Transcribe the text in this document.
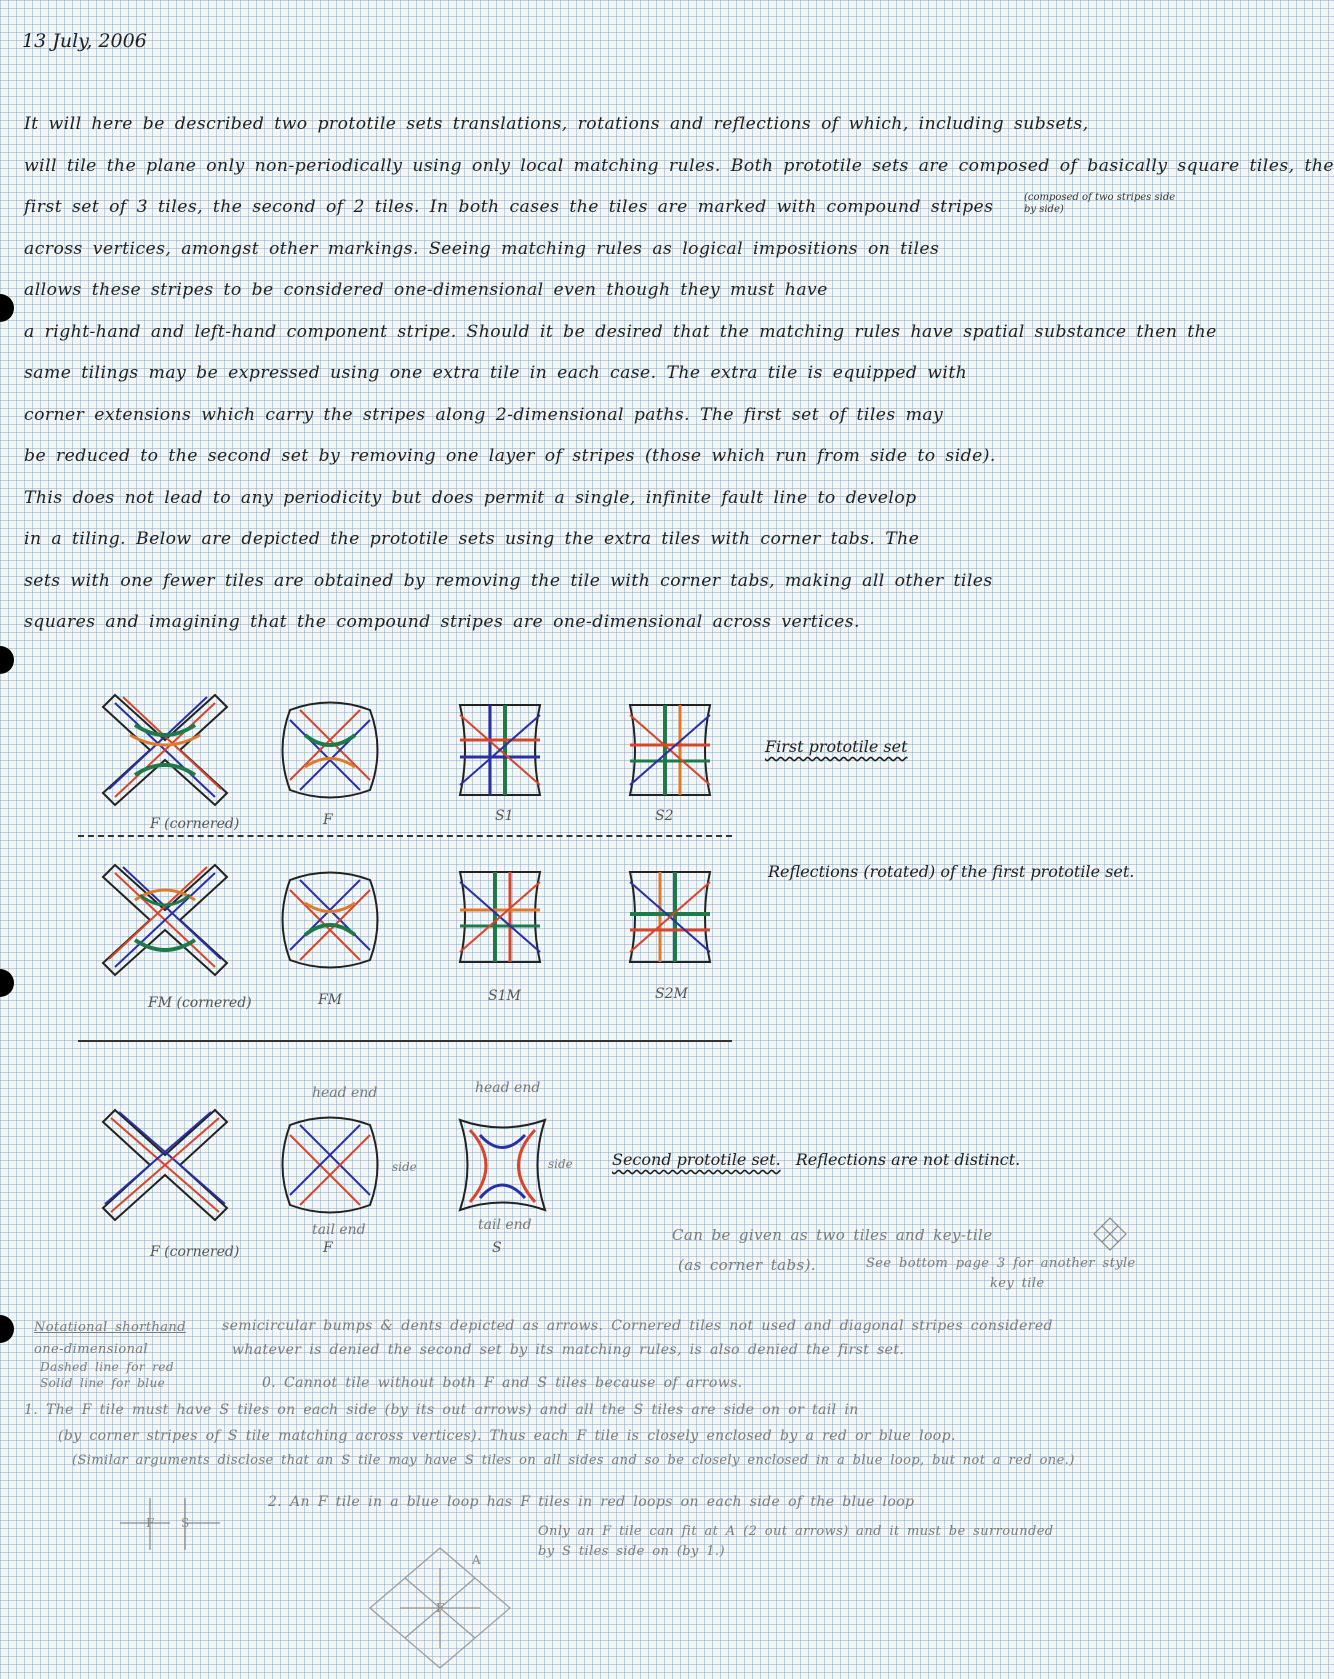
13 July, 2006
It will here be described two prototile sets translations, rotations and reflections of which, including subsets,
will tile the plane only non-periodically using only local matching rules. Both prototile sets are composed of basically square tiles, the
first set of 3 tiles, the second of 2 tiles. In both cases the tiles are marked with compound stripes
across vertices, amongst other markings. Seeing matching rules as logical impositions on tiles
allows these stripes to be considered one-dimensional even though they must have
a right-hand and left-hand component stripe. Should it be desired that the matching rules have spatial substance then the
same tilings may be expressed using one extra tile in each case. The extra tile is equipped with
corner extensions which carry the stripes along 2-dimensional paths. The first set of tiles may
be reduced to the second set by removing one layer of stripes (those which run from side to side).
This does not lead to any periodicity but does permit a single, infinite fault line to develop
in a tiling. Below are depicted the prototile sets using the extra tiles with corner tabs. The
sets with one fewer tiles are obtained by removing the tile with corner tabs, making all other tiles
squares and imagining that the compound stripes are one-dimensional across vertices.
(composed of two stripes side by side)
F (cornered)	F	S1	S2
First prototile set
FM (cornered)	FM	S1M	S2M
Reflections (rotated) of the first prototile set.
head end	head end
side	side
tail end	tail end
F (cornered)	F	S
Second prototile set. Reflections are not distinct.
Can be given as two tiles and key-tile
(as corner tabs).	See bottom page 3 for another style
key tile
Notational shorthand
one-dimensional
Dashed line for red
Solid line for blue
semicircular bumps & dents depicted as arrows. Cornered tiles not used and diagonal stripes considered
whatever is denied the second set by its matching rules, is also denied the first set.
0. Cannot tile without both F and S tiles because of arrows.
1. The F tile must have S tiles on each side (by its out arrows) and all the S tiles are side on or tail in
(by corner stripes of S tile matching across vertices). Thus each F tile is closely enclosed by a red or blue loop.
(Similar arguments disclose that an S tile may have S tiles on all sides and so be closely enclosed in a blue loop, but not a red one.)
2. An F tile in a blue loop has F tiles in red loops on each side of the blue loop
Only an F tile can fit at A (2 out arrows) and it must be surrounded
by S tiles side on (by 1.)
F S
F
A
